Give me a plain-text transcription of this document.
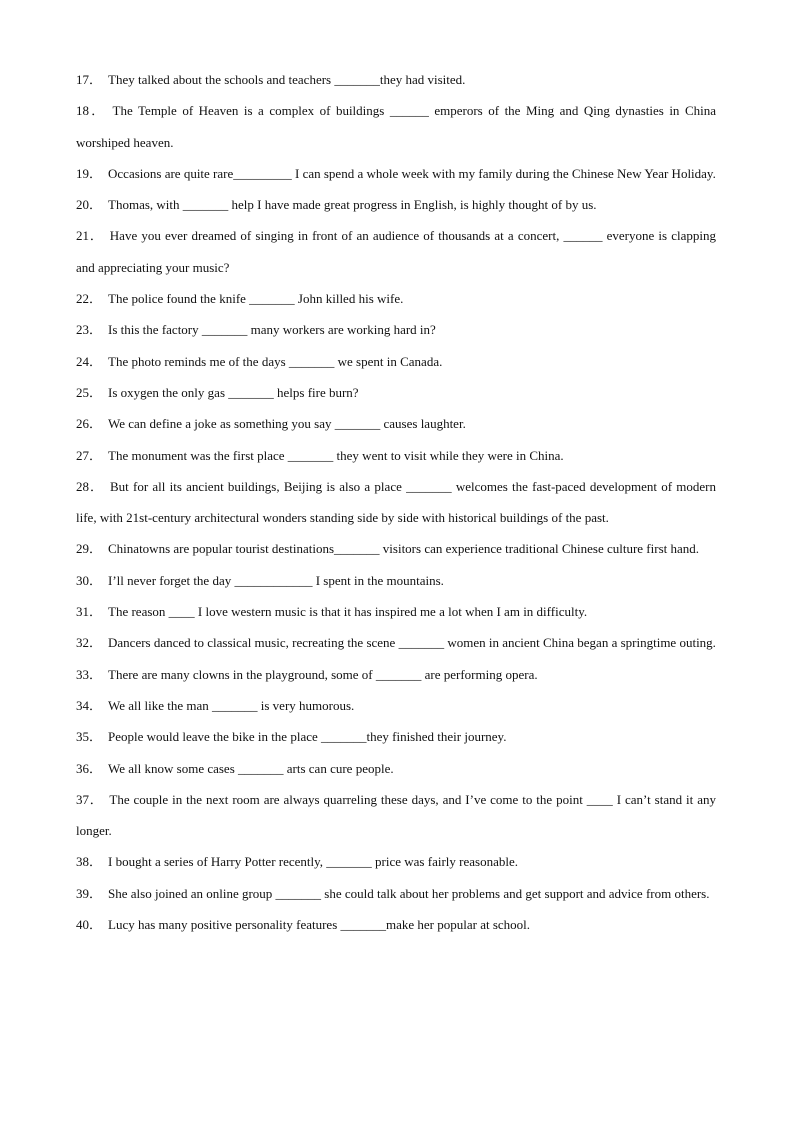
17． They talked about the schools and teachers _______they had visited.

18． The Temple of Heaven is a complex of buildings ______ emperors of the Ming and Qing dynasties in China worshiped heaven.

19． Occasions are quite rare_________ I can spend a whole week with my family during the Chinese New Year Holiday.

20． Thomas, with _______ help I have made great progress in English, is highly thought of by us.

21． Have you ever dreamed of singing in front of an audience of thousands at a concert, ______ everyone is clapping and appreciating your music?

22． The police found the knife _______ John killed his wife.

23． Is this the factory _______ many workers are working hard in?

24． The photo reminds me of the days _______ we spent in Canada.

25． Is oxygen the only gas _______ helps fire burn?

26． We can define a joke as something you say _______ causes laughter.

27． The monument was the first place _______ they went to visit while they were in China.

28． But for all its ancient buildings, Beijing is also a place _______ welcomes the fast-paced development of modern life, with 21st-century architectural wonders standing side by side with historical buildings of the past.

29． Chinatowns are popular tourist destinations_______ visitors can experience traditional Chinese culture first hand.

30． I’ll never forget the day ____________ I spent in the mountains.

31． The reason ____ I love western music is that it has inspired me a lot when I am in difficulty.

32． Dancers danced to classical music, recreating the scene _______ women in ancient China began a springtime outing.

33． There are many clowns in the playground, some of _______ are performing opera.

34． We all like the man _______ is very humorous.

35． People would leave the bike in the place _______they finished their journey.

36． We all know some cases _______ arts can cure people.

37． The couple in the next room are always quarreling these days, and I’ve come to the point ____ I can’t stand it any longer.

38． I bought a series of Harry Potter recently, _______ price was fairly reasonable.

39． She also joined an online group _______ she could talk about her problems and get support and advice from others.

40． Lucy has many positive personality features _______make her popular at school.
